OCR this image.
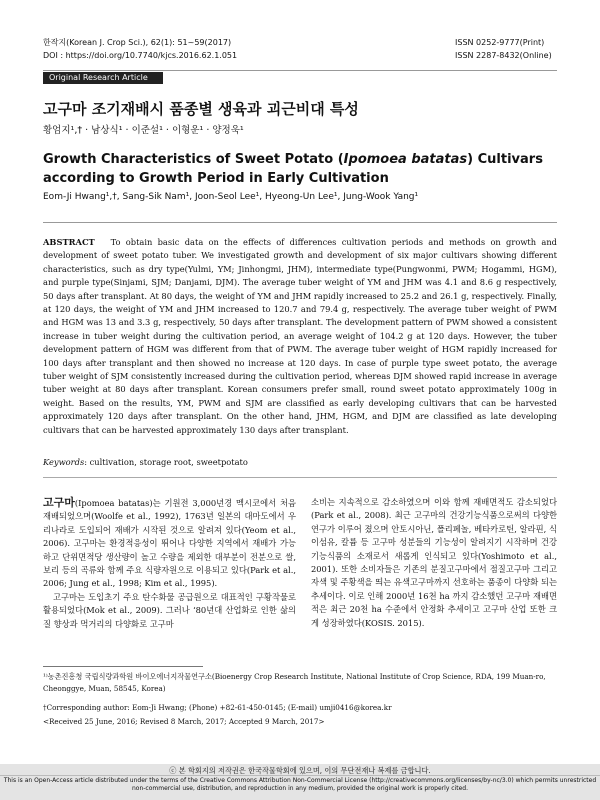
한작지(Korean J. Crop Sci.), 62(1): 51~59(2017)
DOI : https://doi.org/10.7740/kjcs.2016.62.1.051
ISSN 0252-9777(Print)
ISSN 2287-8432(Online)
Original Research Article
고구마 조기재배시 품종별 생육과 괴근비대 특성
황엄지¹,† · 남상식¹ · 이준설¹ · 이형운¹ · 양정욱¹
Growth Characteristics of Sweet Potato (Ipomoea batatas) Cultivars according to Growth Period in Early Cultivation
Eom-Ji Hwang¹,†, Sang-Sik Nam¹, Joon-Seol Lee¹, Hyeong-Un Lee¹, Jung-Wook Yang¹
ABSTRACT To obtain basic data on the effects of differences cultivation periods and methods on growth and development of sweet potato tuber. We investigated growth and development of six major cultivars showing different characteristics, such as dry type(Yulmi, YM; Jinhongmi, JHM), intermediate type(Pungwonmi, PWM; Hogammi, HGM), and purple type(Sinjami, SJM; Danjami, DJM). The average tuber weight of YM and JHM was 4.1 and 8.6 g respectively, 50 days after transplant. At 80 days, the weight of YM and JHM rapidly increased to 25.2 and 26.1 g, respectively. Finally, at 120 days, the weight of YM and JHM increased to 120.7 and 79.4 g, respectively. The average tuber weight of PWM and HGM was 13 and 3.3 g, respectively, 50 days after transplant. The development pattern of PWM showed a consistent increase in tuber weight during the cultivation period, an average weight of 104.2 g at 120 days. However, the tuber development pattern of HGM was different from that of PWM. The average tuber weight of HGM rapidly increased for 100 days after transplant and then showed no increase at 120 days. In case of purple type sweet potato, the average tuber weight of SJM consistently increased during the cultivation period, whereas DJM showed rapid increase in average tuber weight at 80 days after transplant. Korean consumers prefer small, round sweet potato approximately 100g in weight. Based on the results, YM, PWM and SJM are classified as early developing cultivars that can be harvested approximately 120 days after transplant. On the other hand, JHM, HGM, and DJM are classified as late developing cultivars that can be harvested approximately 130 days after transplant.
Keywords: cultivation, storage root, sweetpotato

고구마(Ipomoea batatas)는 기원전 3,000년경 멕시코에서 처음 재배되었으며(Woolfe et al., 1992), 1763년 일본의 대마도에서 우리나라로 도입되어 재배가 시작된 것으로 알려져 있다(Yeom et al., 2006). 고구마는 환경적응성이 뛰어나 다양한 지역에서 재배가 가능하고 단위면적당 생산량이 높고 수량을 제외한 대부분이 전분으로 쌀, 보리 등의 곡류와 함께 주요 식량자원으로 이용되고 있다(Park et al., 2006; Jung et al., 1998; Kim et al., 1995).

고구마는 도입초기 주요 탄수화물 공급원으로 대표적인 구황작물로 활용되었다(Mok et al., 2009). 그러나 ‘80년대 산업화로 인한 삶의 질 향상과 먹거리의 다양화로 고구마

소비는 지속적으로 감소하였으며 이와 함께 재배면적도 감소되었다(Park et al., 2008). 최근 고구마의 건강기능식품으로써의 다양한 연구가 이루어 졌으며 안토시아닌, 폴리페놀, 베타카로틴, 알라핀, 식이섬유, 칼륨 등 고구마 성분들의 기능성이 알려지기 시작하며 건강기능식품의 소재로서 새롭게 인식되고 있다(Yoshimoto et al., 2001). 또한 소비자들은 기존의 분질고구마에서 점질고구마 그리고 자색 및 주황색을 띄는 유색고구마까지 선호하는 품종이 다양화 되는 추세이다. 이로 인해 2000년 16천 ha 까지 감소했던 고구마 재배면적은 최근 20천 ha 수준에서 안정화 추세이고 고구마 산업 또한 크게 성장하였다(KOSIS. 2015).

¹⁾농촌진흥청 국립식량과학원 바이오에너지작물연구소(Bioenergy Crop Research Institute, National Institute of Crop Science, RDA, 199 Muan-ro, Cheonggye, Muan, 58545, Korea)
†Corresponding author: Eom-Ji Hwang; (Phone) +82-61-450-0145; (E-mail) umji0416@korea.kr
<Received 25 June, 2016; Revised 8 March, 2017; Accepted 9 March, 2017>
ⓒ 본 학회지의 저작권은 한국작물학회에 있으며, 이의 무단전재나 복제를 금합니다.
This is an Open-Access article distributed under the terms of the Creative Commons Attribution Non-Commercial License (http://creativecommons.org/licenses/by-nc/3.0) which permits unrestricted non-commercial use, distribution, and reproduction in any medium, provided the original work is properly cited.
